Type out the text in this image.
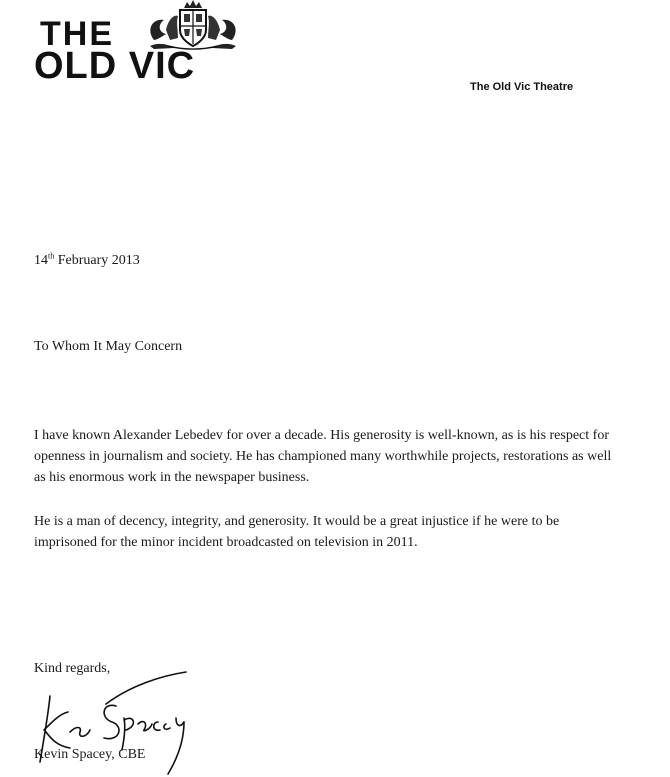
THE
OLD VIC	The Old Vic Theatre
14th February 2013
To Whom It May Concern

I have known Alexander Lebedev for over a decade. His generosity is well-known, as is his respect for openness in journalism and society. He has championed many worthwhile projects, restorations as well as his enormous work in the newspaper business.

He is a man of decency, integrity, and generosity. It would be a great injustice if he were to be imprisoned for the minor incident broadcasted on television in 2011.

Kind regards,
Kevin Spacey, CBE
